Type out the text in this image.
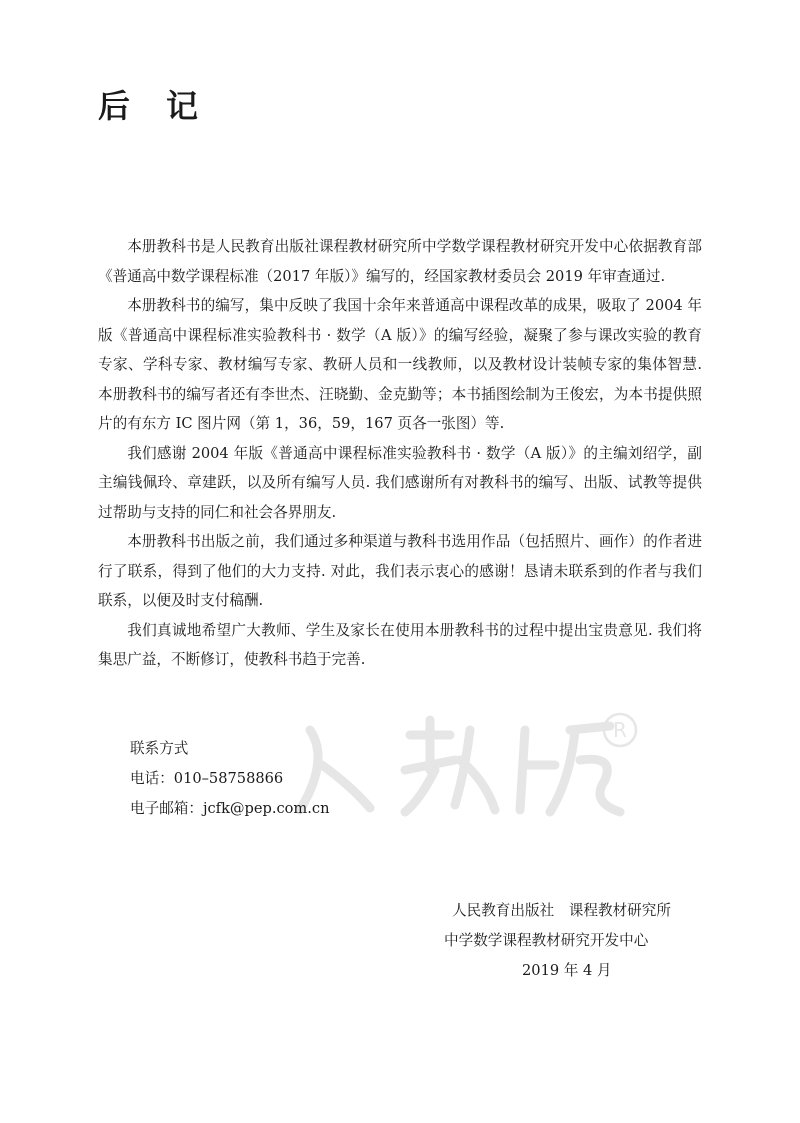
后 记

本册教科书是人民教育出版社课程教材研究所中学数学课程教材研究开发中心依据教育部《普通高中数学课程标准（2017 年版）》编写的，经国家教材委员会 2019 年审查通过.

本册教科书的编写，集中反映了我国十余年来普通高中课程改革的成果，吸取了 2004 年版《普通高中课程标准实验教科书 · 数学（A 版）》的编写经验，凝聚了参与课改实验的教育专家、学科专家、教材编写专家、教研人员和一线教师，以及教材设计装帧专家的集体智慧. 本册教科书的编写者还有李世杰、汪晓勤、金克勤等；本书插图绘制为王俊宏，为本书提供照片的有东方 IC 图片网（第 1，36，59，167 页各一张图）等.

我们感谢 2004 年版《普通高中课程标准实验教科书 · 数学（A 版）》的主编刘绍学，副主编钱佩玲、章建跃，以及所有编写人员. 我们感谢所有对教科书的编写、出版、试教等提供过帮助与支持的同仁和社会各界朋友.

本册教科书出版之前，我们通过多种渠道与教科书选用作品（包括照片、画作）的作者进行了联系，得到了他们的大力支持. 对此，我们表示衷心的感谢！恳请未联系到的作者与我们联系，以便及时支付稿酬.

我们真诚地希望广大教师、学生及家长在使用本册教科书的过程中提出宝贵意见. 我们将集思广益，不断修订，使教科书趋于完善.

R
联系方式
电话：010–58758866
电子邮箱：jcfk@pep.com.cn
人民教育出版社　课程教材研究所
中学数学课程教材研究开发中心
2019 年 4 月
